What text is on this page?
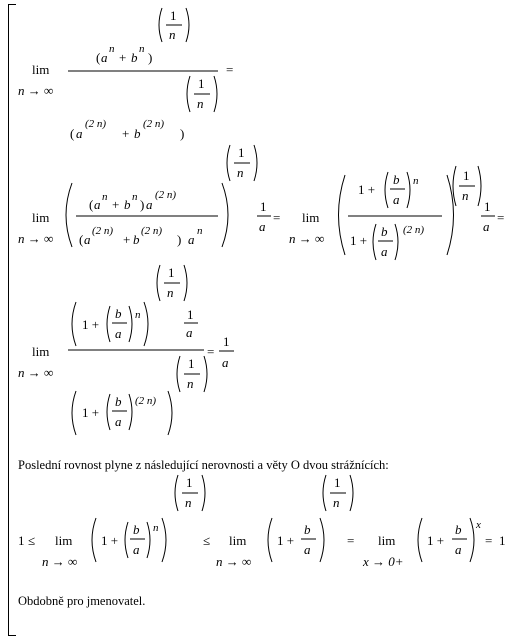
lim
n → ∞
1
n
( a
n
+ b
n
)
=
1
n
( a
(2 n)
+ b
(2 n)
)
lim
n → ∞
( a n + b n ) a
(2 n)
( a
(2 n)
+ b
(2 n)
) a
n
1
n
1
a
= lim
n → ∞
1 +
b
a
n
1 +
b
a
(2 n)
1
n
1
a
=
lim
n → ∞
1
n
1 +
b
a
n	1
a
=
1
a
1
n
1 +
b
a
(2 n)
1 ≤ lim
n → ∞
1 +
b
a
n
1
n
≤ lim
n → ∞
1 +
b
a
1
n
= lim
x → 0+
1 +
b
a
x
= 1
Poslední rovnost plyne z následující nerovnosti a věty O dvou strážnících:
Obdobně pro jmenovatel.
